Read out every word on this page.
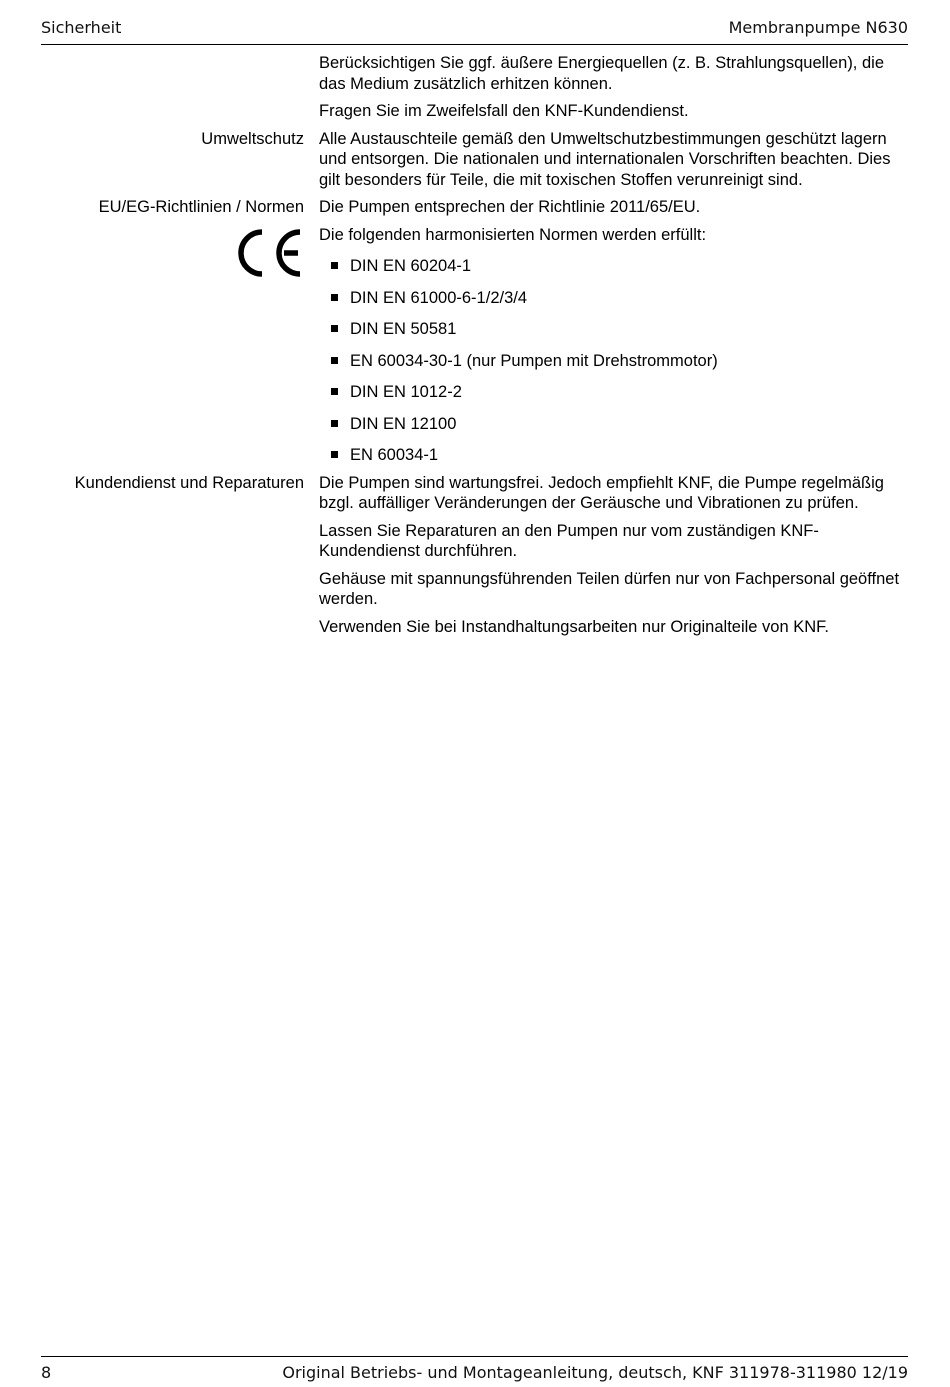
Sicherheit	Membranpumpe N630

Berücksichtigen Sie ggf. äußere Energiequellen (z. B. Strahlungsquellen), die das Medium zusätzlich erhitzen können.

Fragen Sie im Zweifelsfall den KNF-Kundendienst.

Umweltschutz Alle Austauschteile gemäß den Umweltschutzbestimmungen geschützt lagern und entsorgen. Die nationalen und internationalen Vorschriften beachten. Dies gilt besonders für Teile, die mit toxischen Stoffen verunreinigt sind.

EU/EG-Richtlinien / Normen Die Pumpen entsprechen der Richtlinie 2011/65/EU.

Die folgenden harmonisierten Normen werden erfüllt:

DIN EN 60204-1
DIN EN 61000-6-1/2/3/4
DIN EN 50581
EN 60034-30-1 (nur Pumpen mit Drehstrommotor)
DIN EN 1012-2
DIN EN 12100
EN 60034-1
Kundendienst und Reparaturen Die Pumpen sind wartungsfrei. Jedoch empfiehlt KNF, die Pumpe regelmäßig bzgl. auffälliger Veränderungen der Geräusche und Vibrationen zu prüfen.

Lassen Sie Reparaturen an den Pumpen nur vom zuständigen KNF-Kundendienst durchführen.

Gehäuse mit spannungsführenden Teilen dürfen nur von Fachpersonal geöffnet werden.

Verwenden Sie bei Instandhaltungsarbeiten nur Originalteile von KNF.

8	Original Betriebs- und Montageanleitung, deutsch, KNF 311978-311980 12/19
